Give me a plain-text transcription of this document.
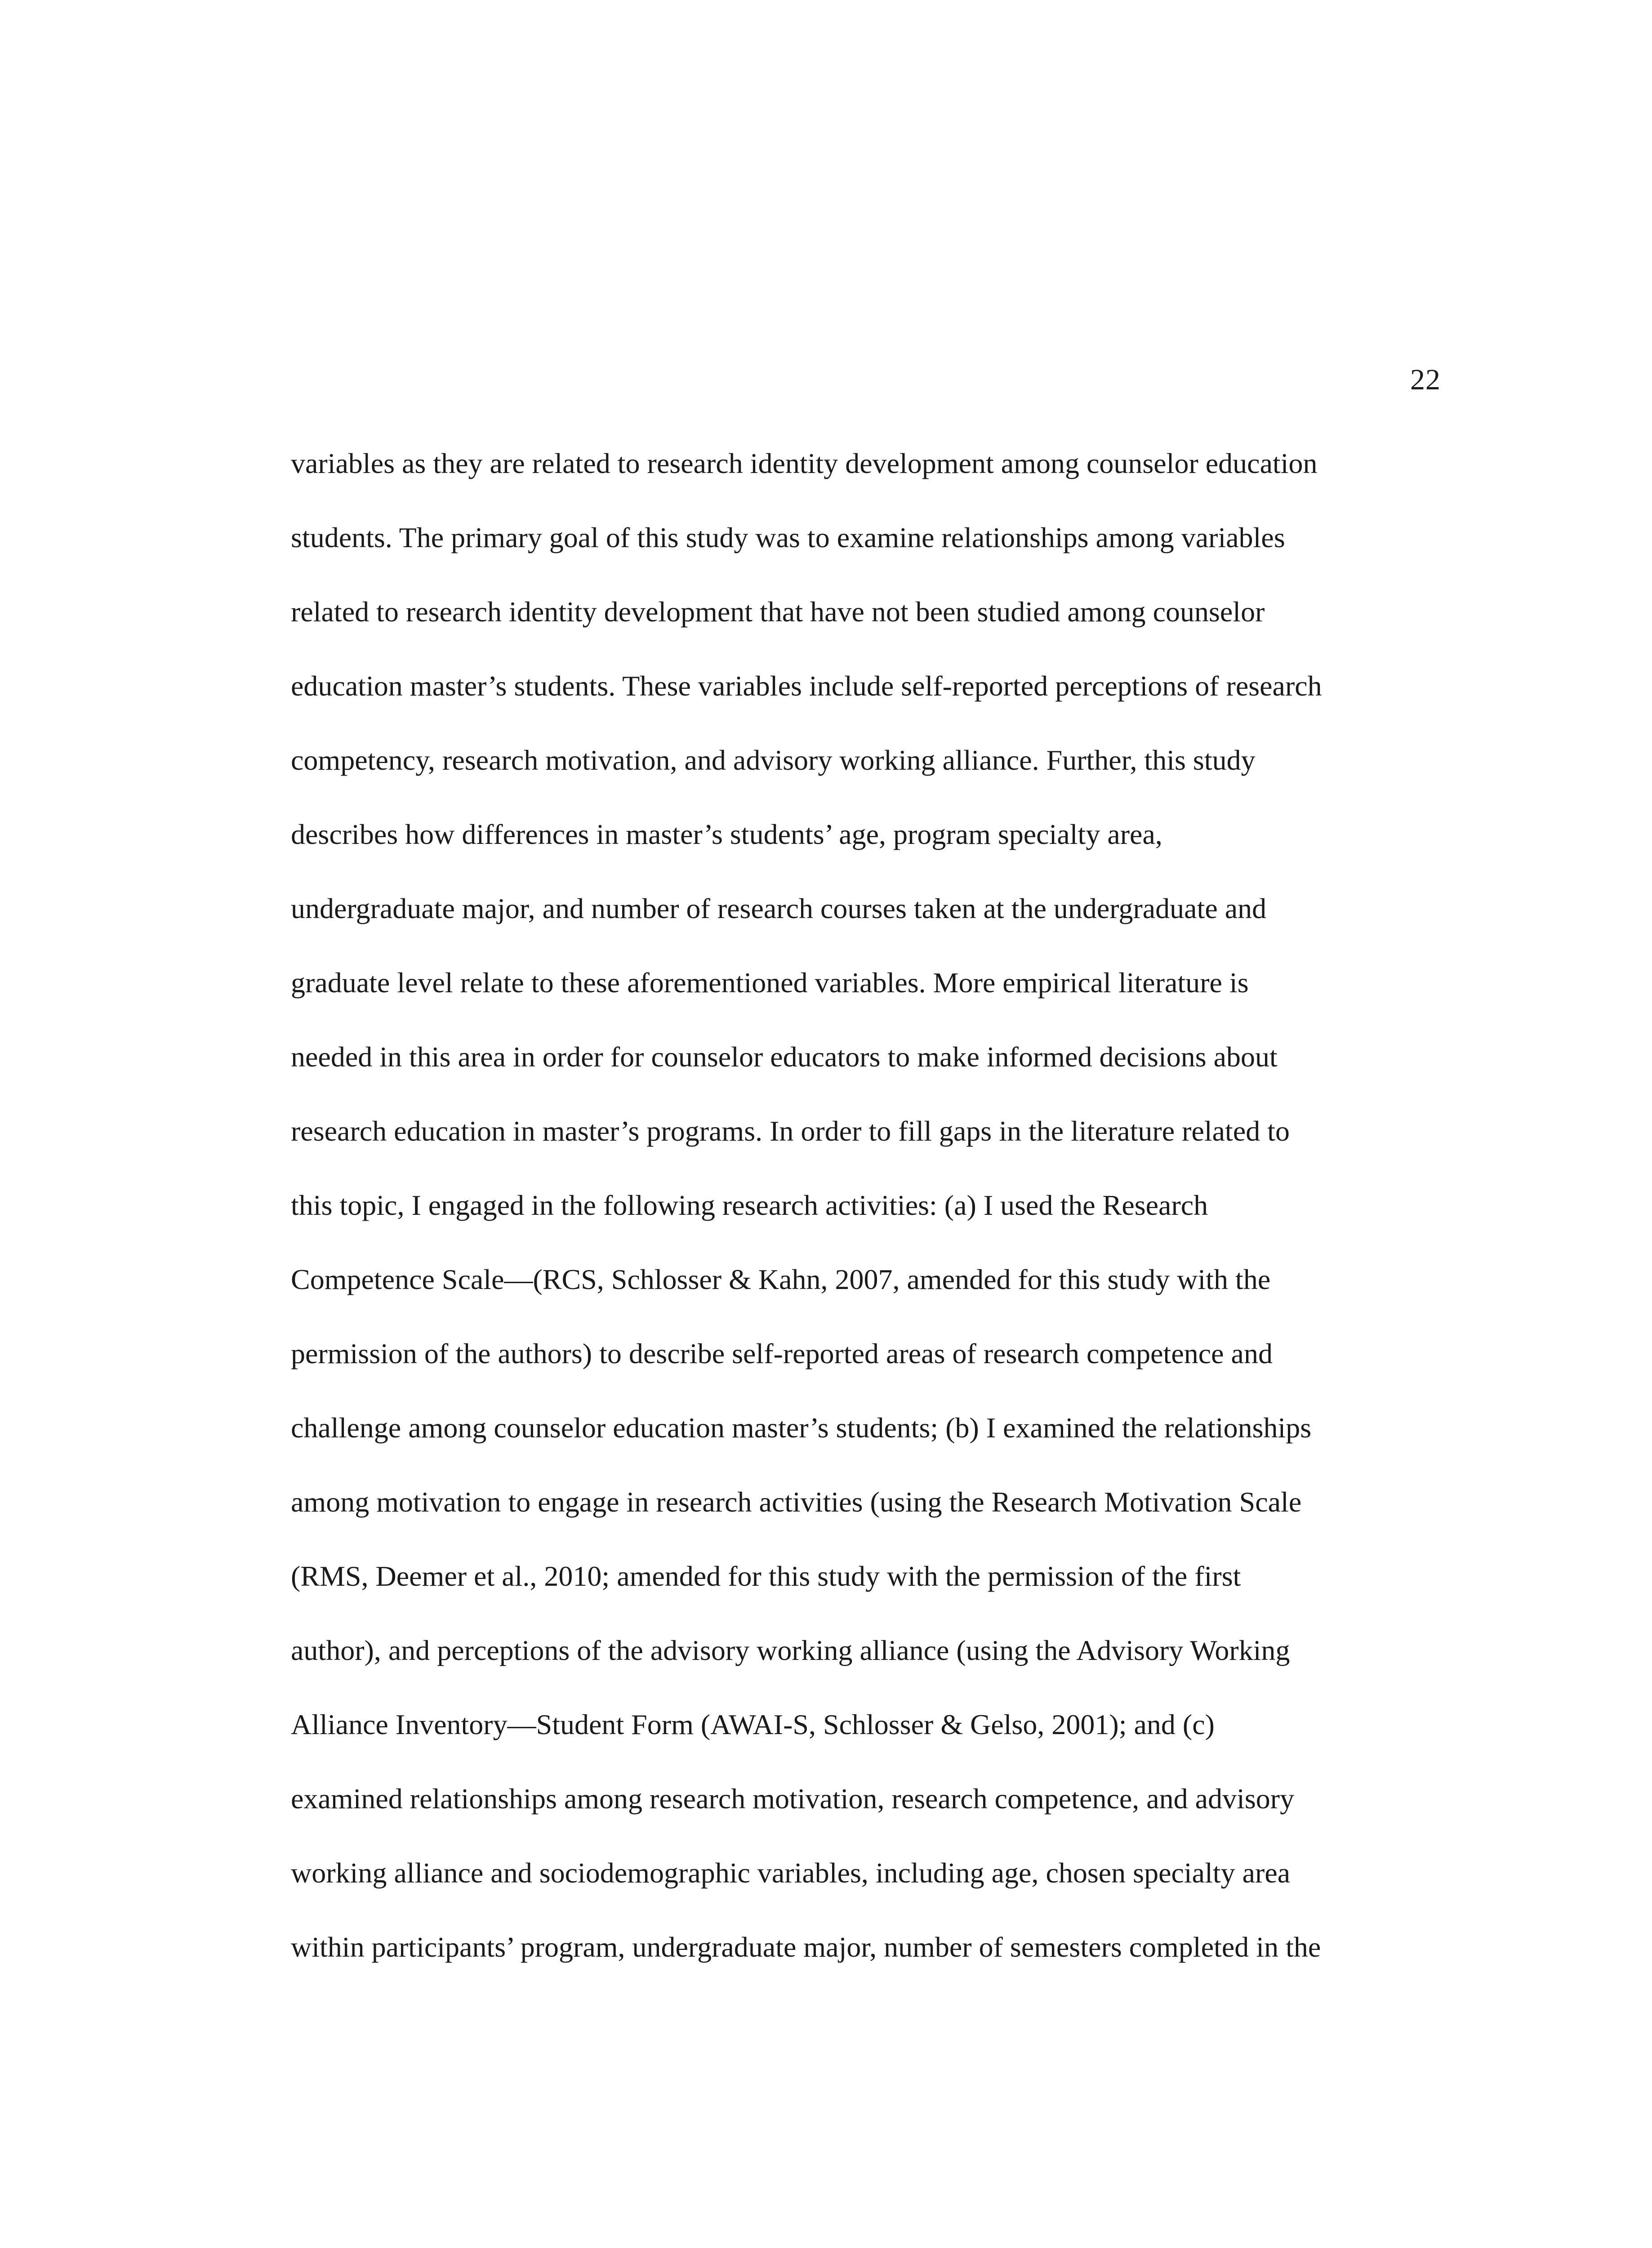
22
variables as they are related to research identity development among counselor education
students. The primary goal of this study was to examine relationships among variables
related to research identity development that have not been studied among counselor
education master’s students. These variables include self-reported perceptions of research
competency, research motivation, and advisory working alliance. Further, this study
describes how differences in master’s students’ age, program specialty area,
undergraduate major, and number of research courses taken at the undergraduate and
graduate level relate to these aforementioned variables. More empirical literature is
needed in this area in order for counselor educators to make informed decisions about
research education in master’s programs. In order to fill gaps in the literature related to
this topic, I engaged in the following research activities: (a) I used the Research
Competence Scale—(RCS, Schlosser & Kahn, 2007, amended for this study with the
permission of the authors) to describe self-reported areas of research competence and
challenge among counselor education master’s students; (b) I examined the relationships
among motivation to engage in research activities (using the Research Motivation Scale
(RMS, Deemer et al., 2010; amended for this study with the permission of the first
author), and perceptions of the advisory working alliance (using the Advisory Working
Alliance Inventory—Student Form (AWAI-S, Schlosser & Gelso, 2001); and (c)
examined relationships among research motivation, research competence, and advisory
working alliance and sociodemographic variables, including age, chosen specialty area
within participants’ program, undergraduate major, number of semesters completed in the
